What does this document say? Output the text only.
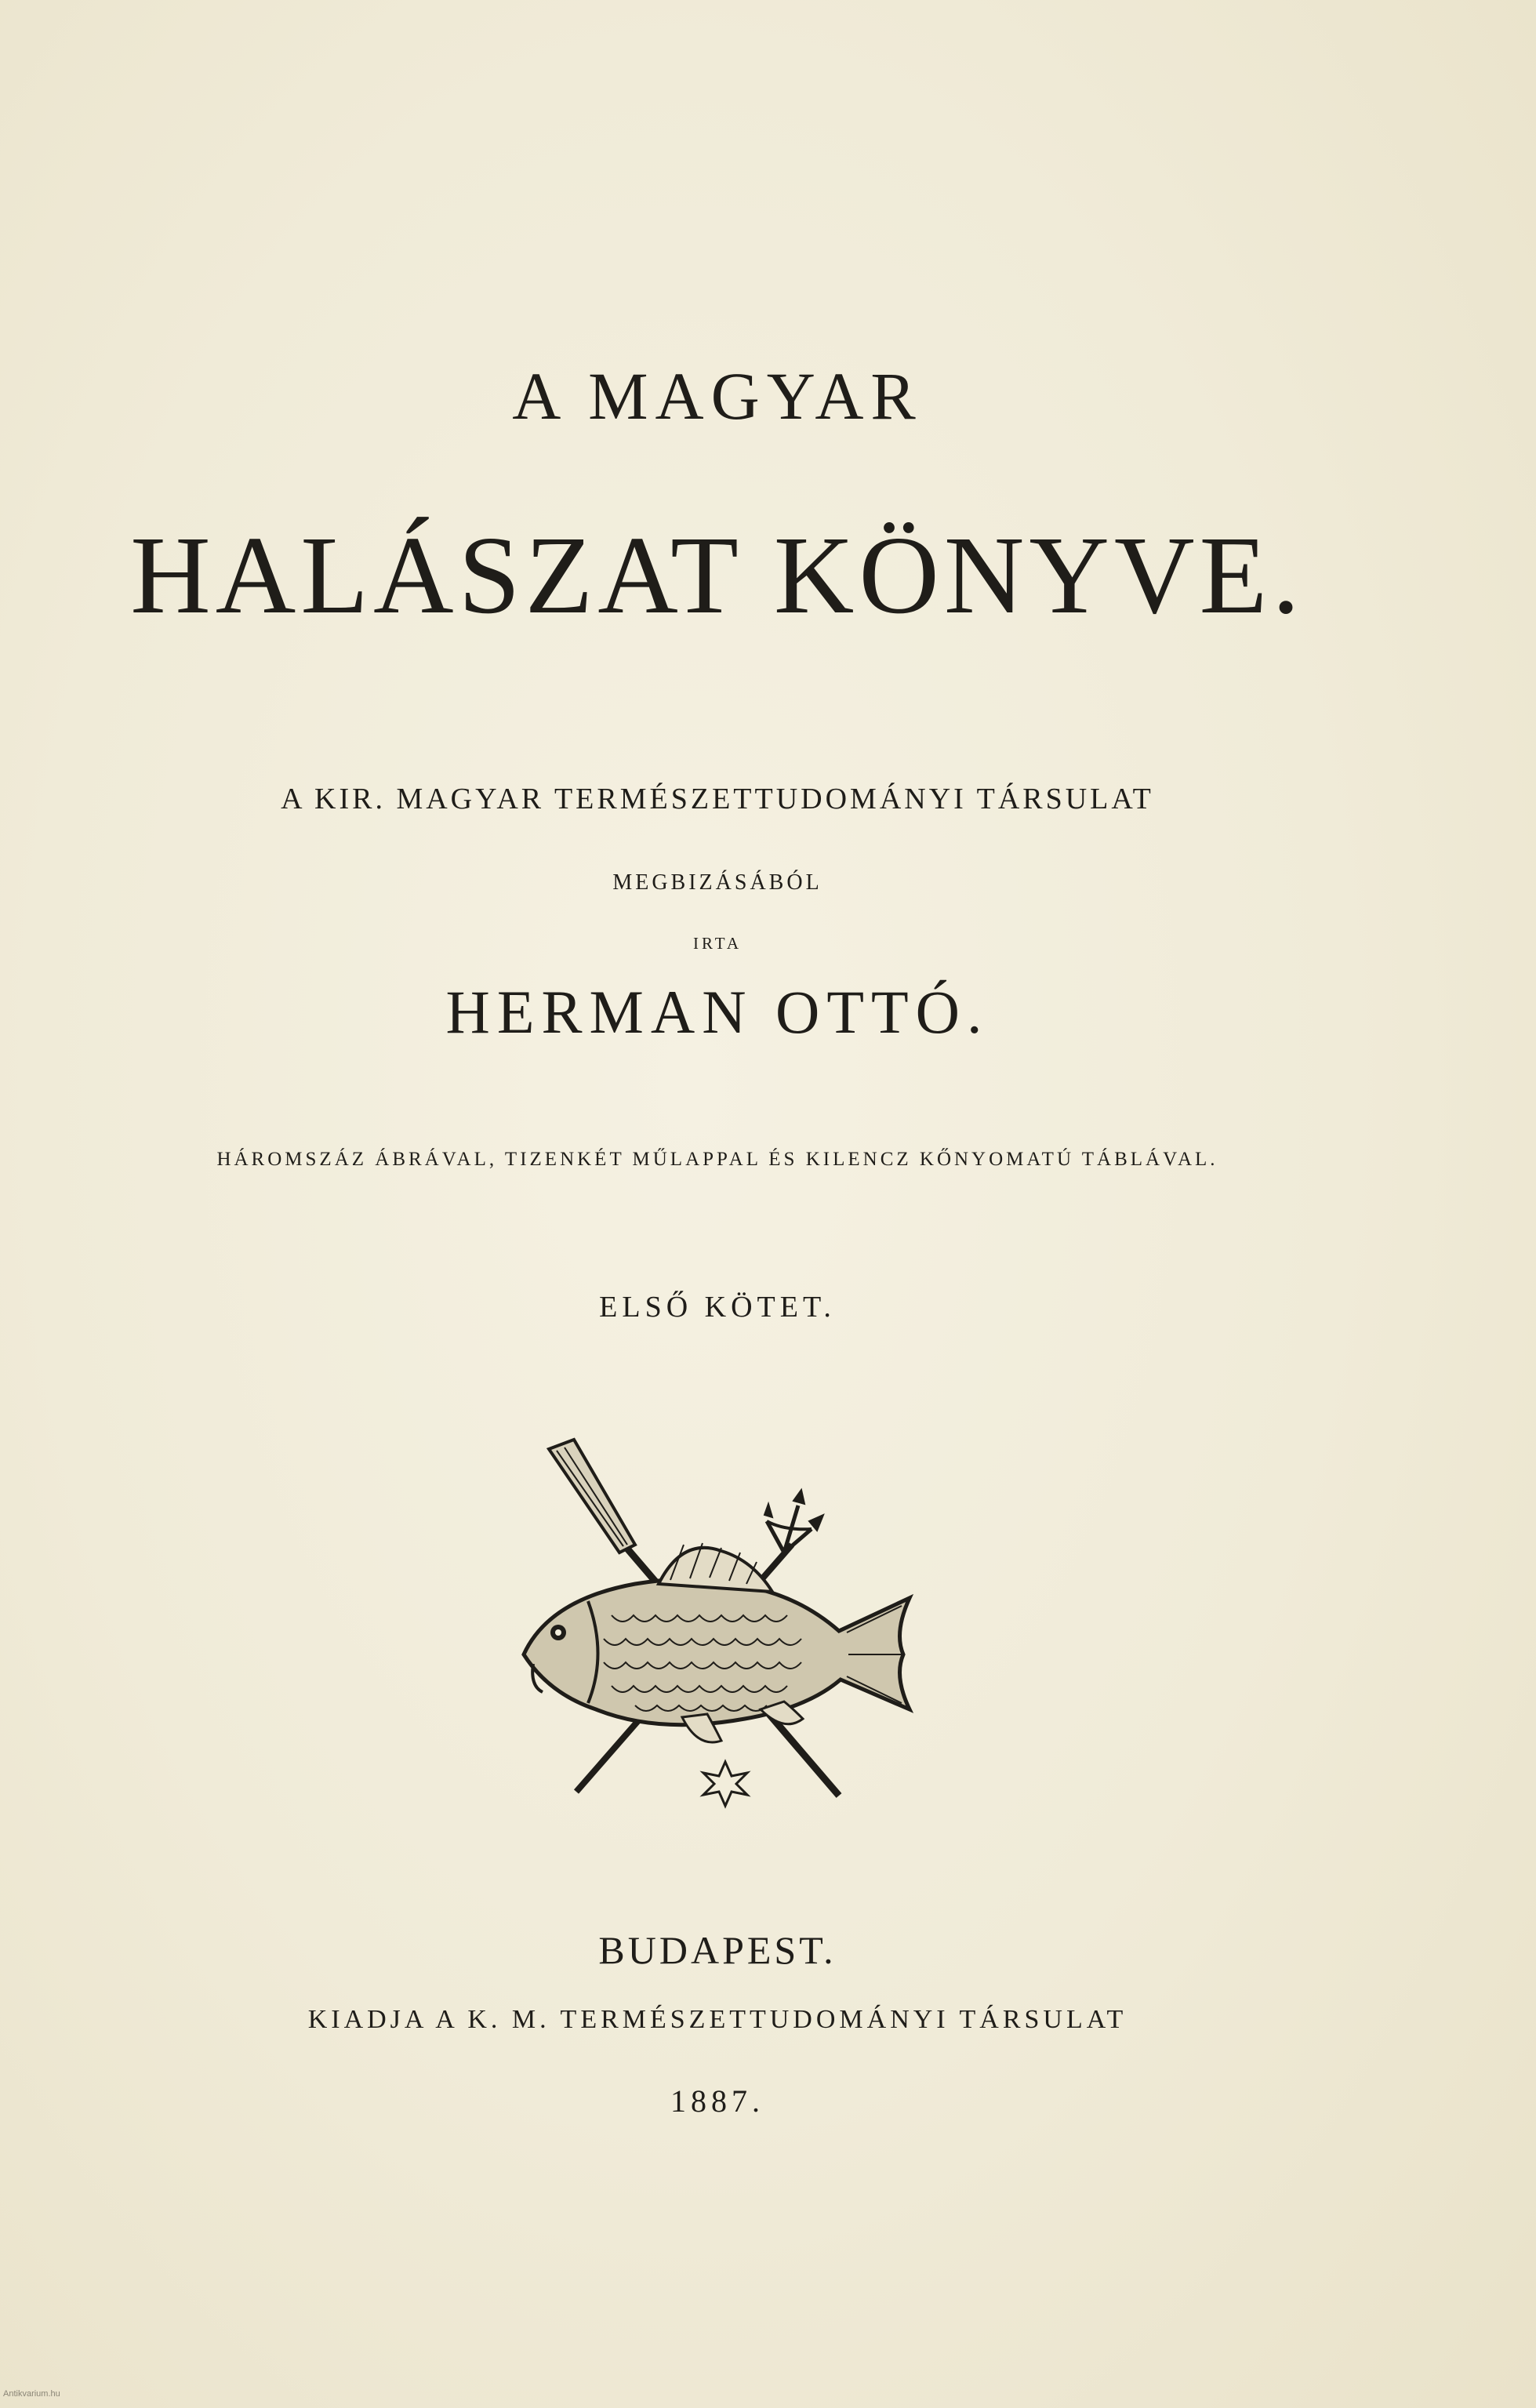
A MAGYAR
HALÁSZAT KÖNYVE.
A KIR. MAGYAR TERMÉSZETTUDOMÁNYI TÁRSULAT
MEGBIZÁSÁBÓL
IRTA
HERMAN OTTÓ.
HÁROMSZÁZ ÁBRÁVAL, TIZENKÉT MŰLAPPAL ÉS KILENCZ KŐNYOMATÚ TÁBLÁVAL.
ELSŐ KÖTET.
BUDAPEST.
KIADJA A K. M. TERMÉSZETTUDOMÁNYI TÁRSULAT
1887.
Antikvarium.hu
